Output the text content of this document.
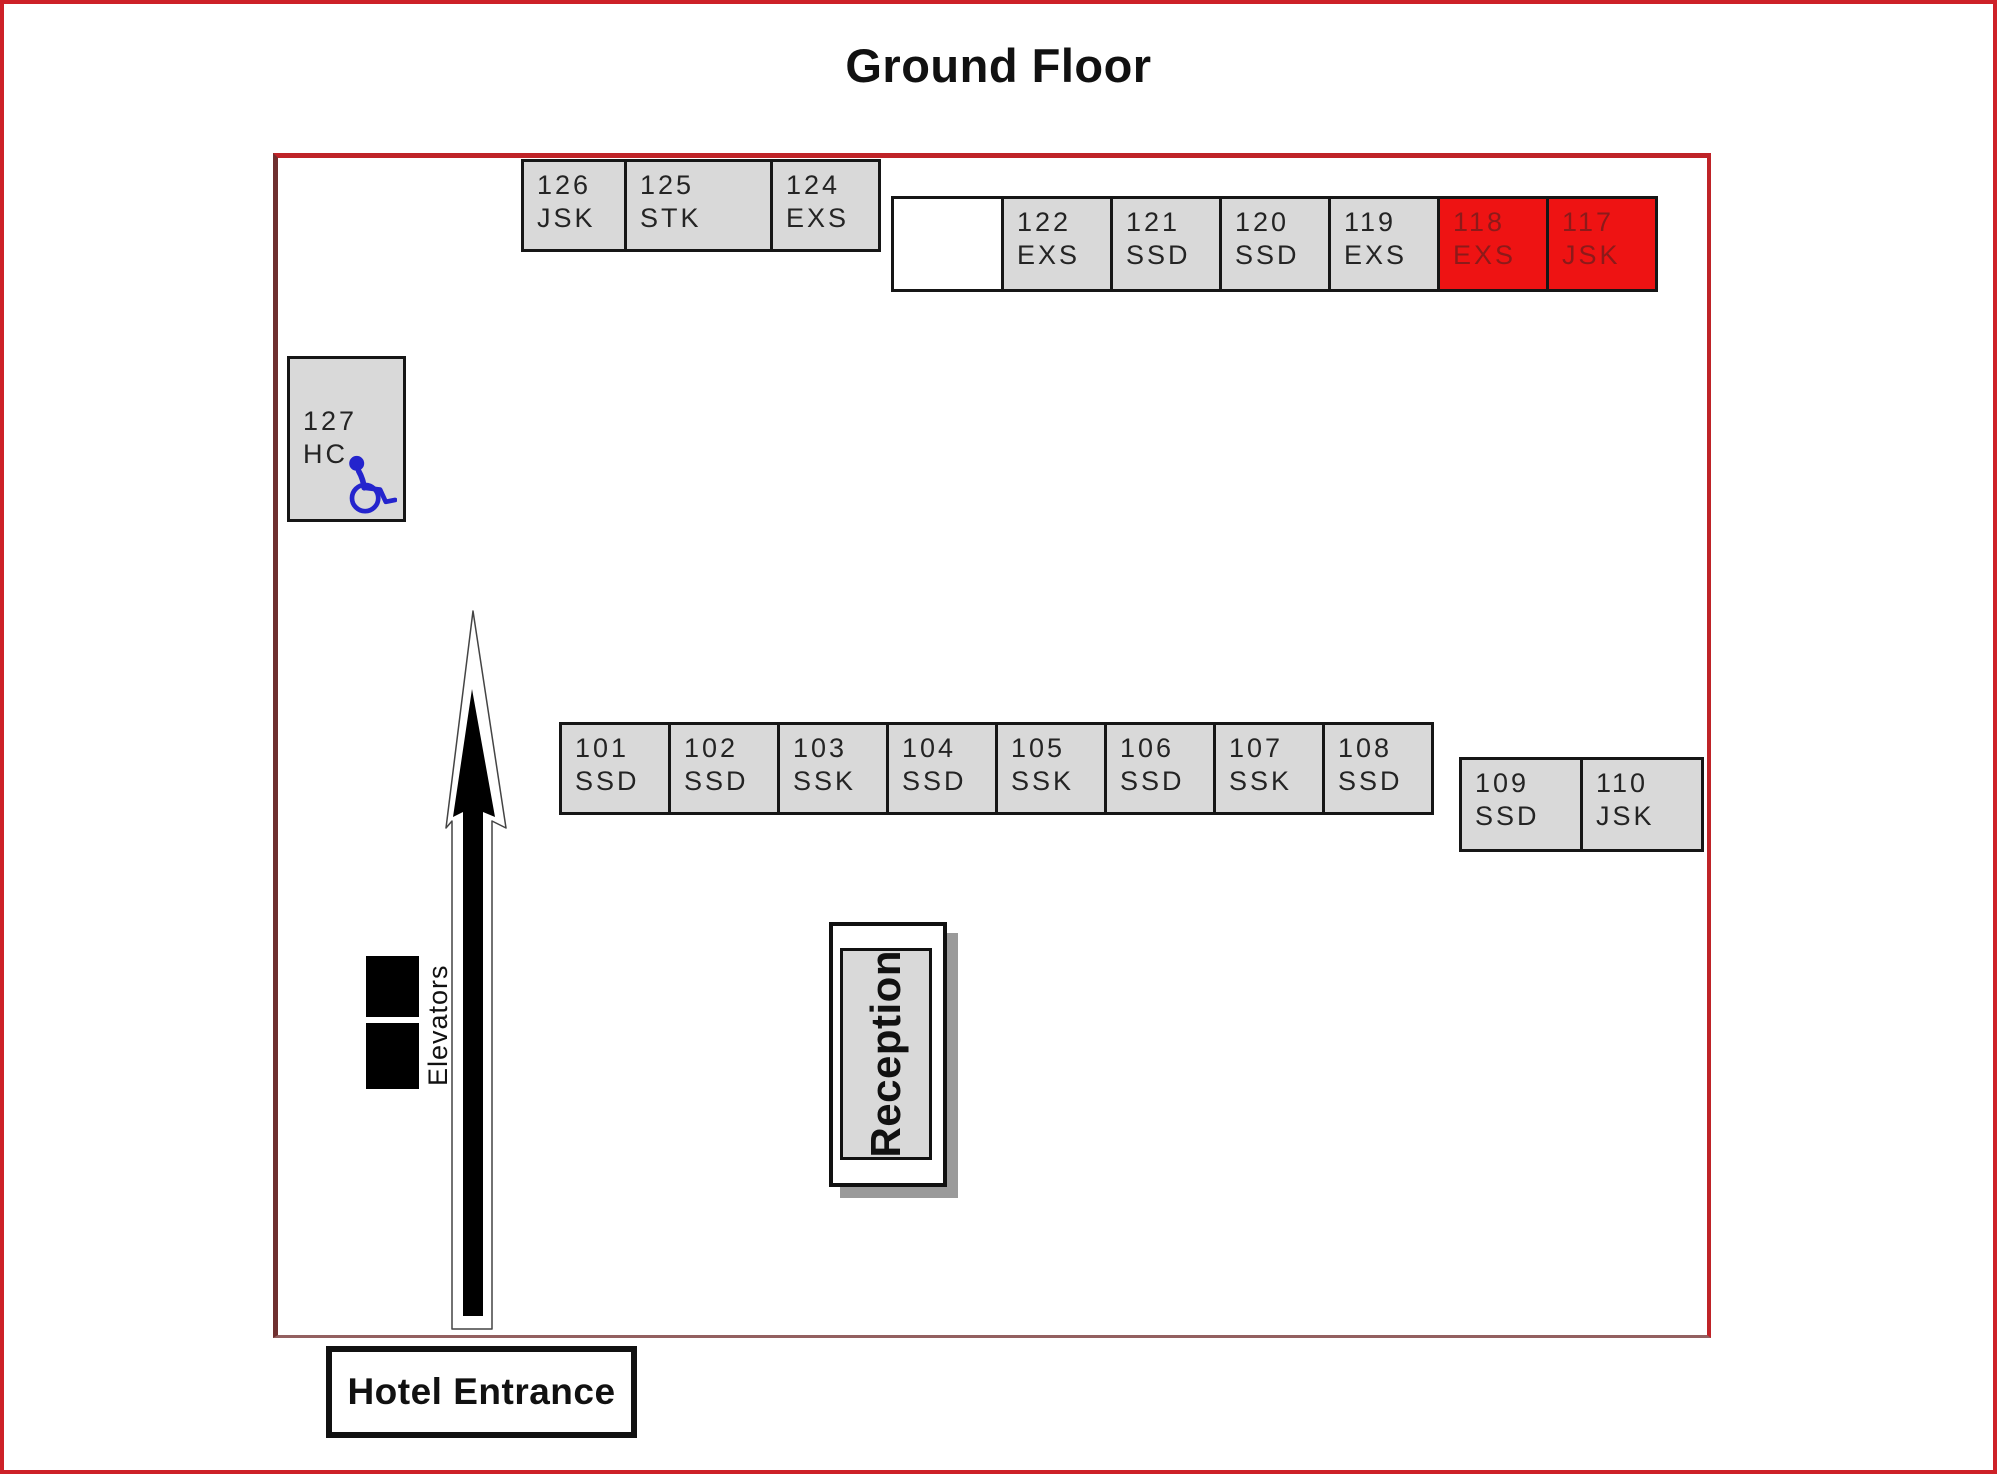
Ground Floor
126
JSK
125
STK
124
EXS	122
EXS
121
SSD
120
SSD
119
EXS
118
EXS
117
JSK
127
HC
101
SSD
102
SSD
103
SSK
104
SSD
105
SSK
106
SSD
107
SSK
108
SSD	109
SSD
110
JSK
Elevators	Reception
Hotel Entrance
